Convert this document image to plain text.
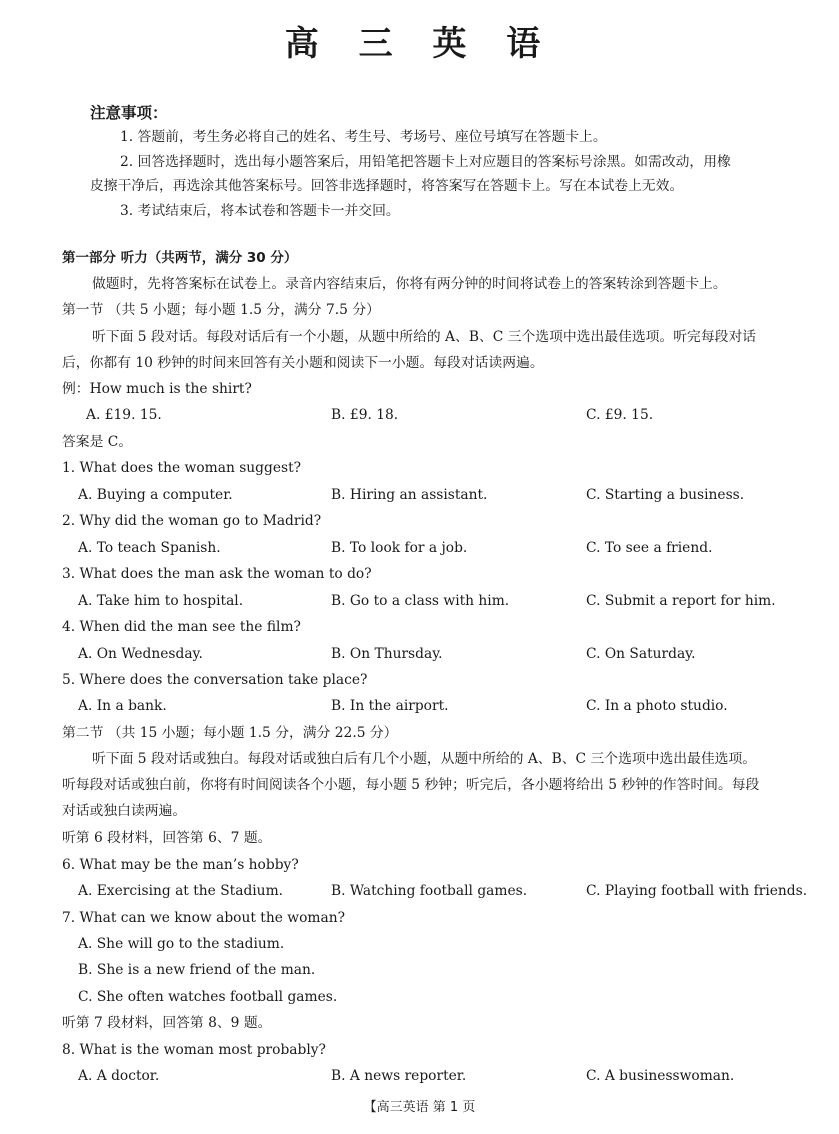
高 三 英 语
注意事项：
1. 答题前，考生务必将自己的姓名、考生号、考场号、座位号填写在答题卡上。
2. 回答选择题时，选出每小题答案后，用铅笔把答题卡上对应题目的答案标号涂黑。如需改动，用橡
皮擦干净后，再选涂其他答案标号。回答非选择题时，将答案写在答题卡上。写在本试卷上无效。
3. 考试结束后，将本试卷和答题卡一并交回。
第一部分 听力（共两节，满分 30 分）
做题时，先将答案标在试卷上。录音内容结束后，你将有两分钟的时间将试卷上的答案转涂到答题卡上。
第一节 （共 5 小题；每小题 1.5 分，满分 7.5 分）
听下面 5 段对话。每段对话后有一个小题，从题中所给的 A、B、C 三个选项中选出最佳选项。听完每段对话
后，你都有 10 秒钟的时间来回答有关小题和阅读下一小题。每段对话读两遍。
例：How much is the shirt?
A. £19. 15.	B. £9. 18.	C. £9. 15.
答案是 C。
1. What does the woman suggest?
A. Buying a computer.	B. Hiring an assistant.	C. Starting a business.
2. Why did the woman go to Madrid?
A. To teach Spanish.	B. To look for a job.	C. To see a friend.
3. What does the man ask the woman to do?
A. Take him to hospital.	B. Go to a class with him.	C. Submit a report for him.
4. When did the man see the film?
A. On Wednesday.	B. On Thursday.	C. On Saturday.
5. Where does the conversation take place?
A. In a bank.	B. In the airport.	C. In a photo studio.
第二节 （共 15 小题；每小题 1.5 分，满分 22.5 分）
听下面 5 段对话或独白。每段对话或独白后有几个小题，从题中所给的 A、B、C 三个选项中选出最佳选项。
听每段对话或独白前，你将有时间阅读各个小题，每小题 5 秒钟；听完后，各小题将给出 5 秒钟的作答时间。每段
对话或独白读两遍。
听第 6 段材料，回答第 6、7 题。
6. What may be the man’s hobby?
A. Exercising at the Stadium.	B. Watching football games.	C. Playing football with friends.
7. What can we know about the woman?
A. She will go to the stadium.
B. She is a new friend of the man.
C. She often watches football games.
听第 7 段材料，回答第 8、9 题。
8. What is the woman most probably?
A. A doctor.	B. A news reporter.	C. A businesswoman.
【高三英语 第 1 页
